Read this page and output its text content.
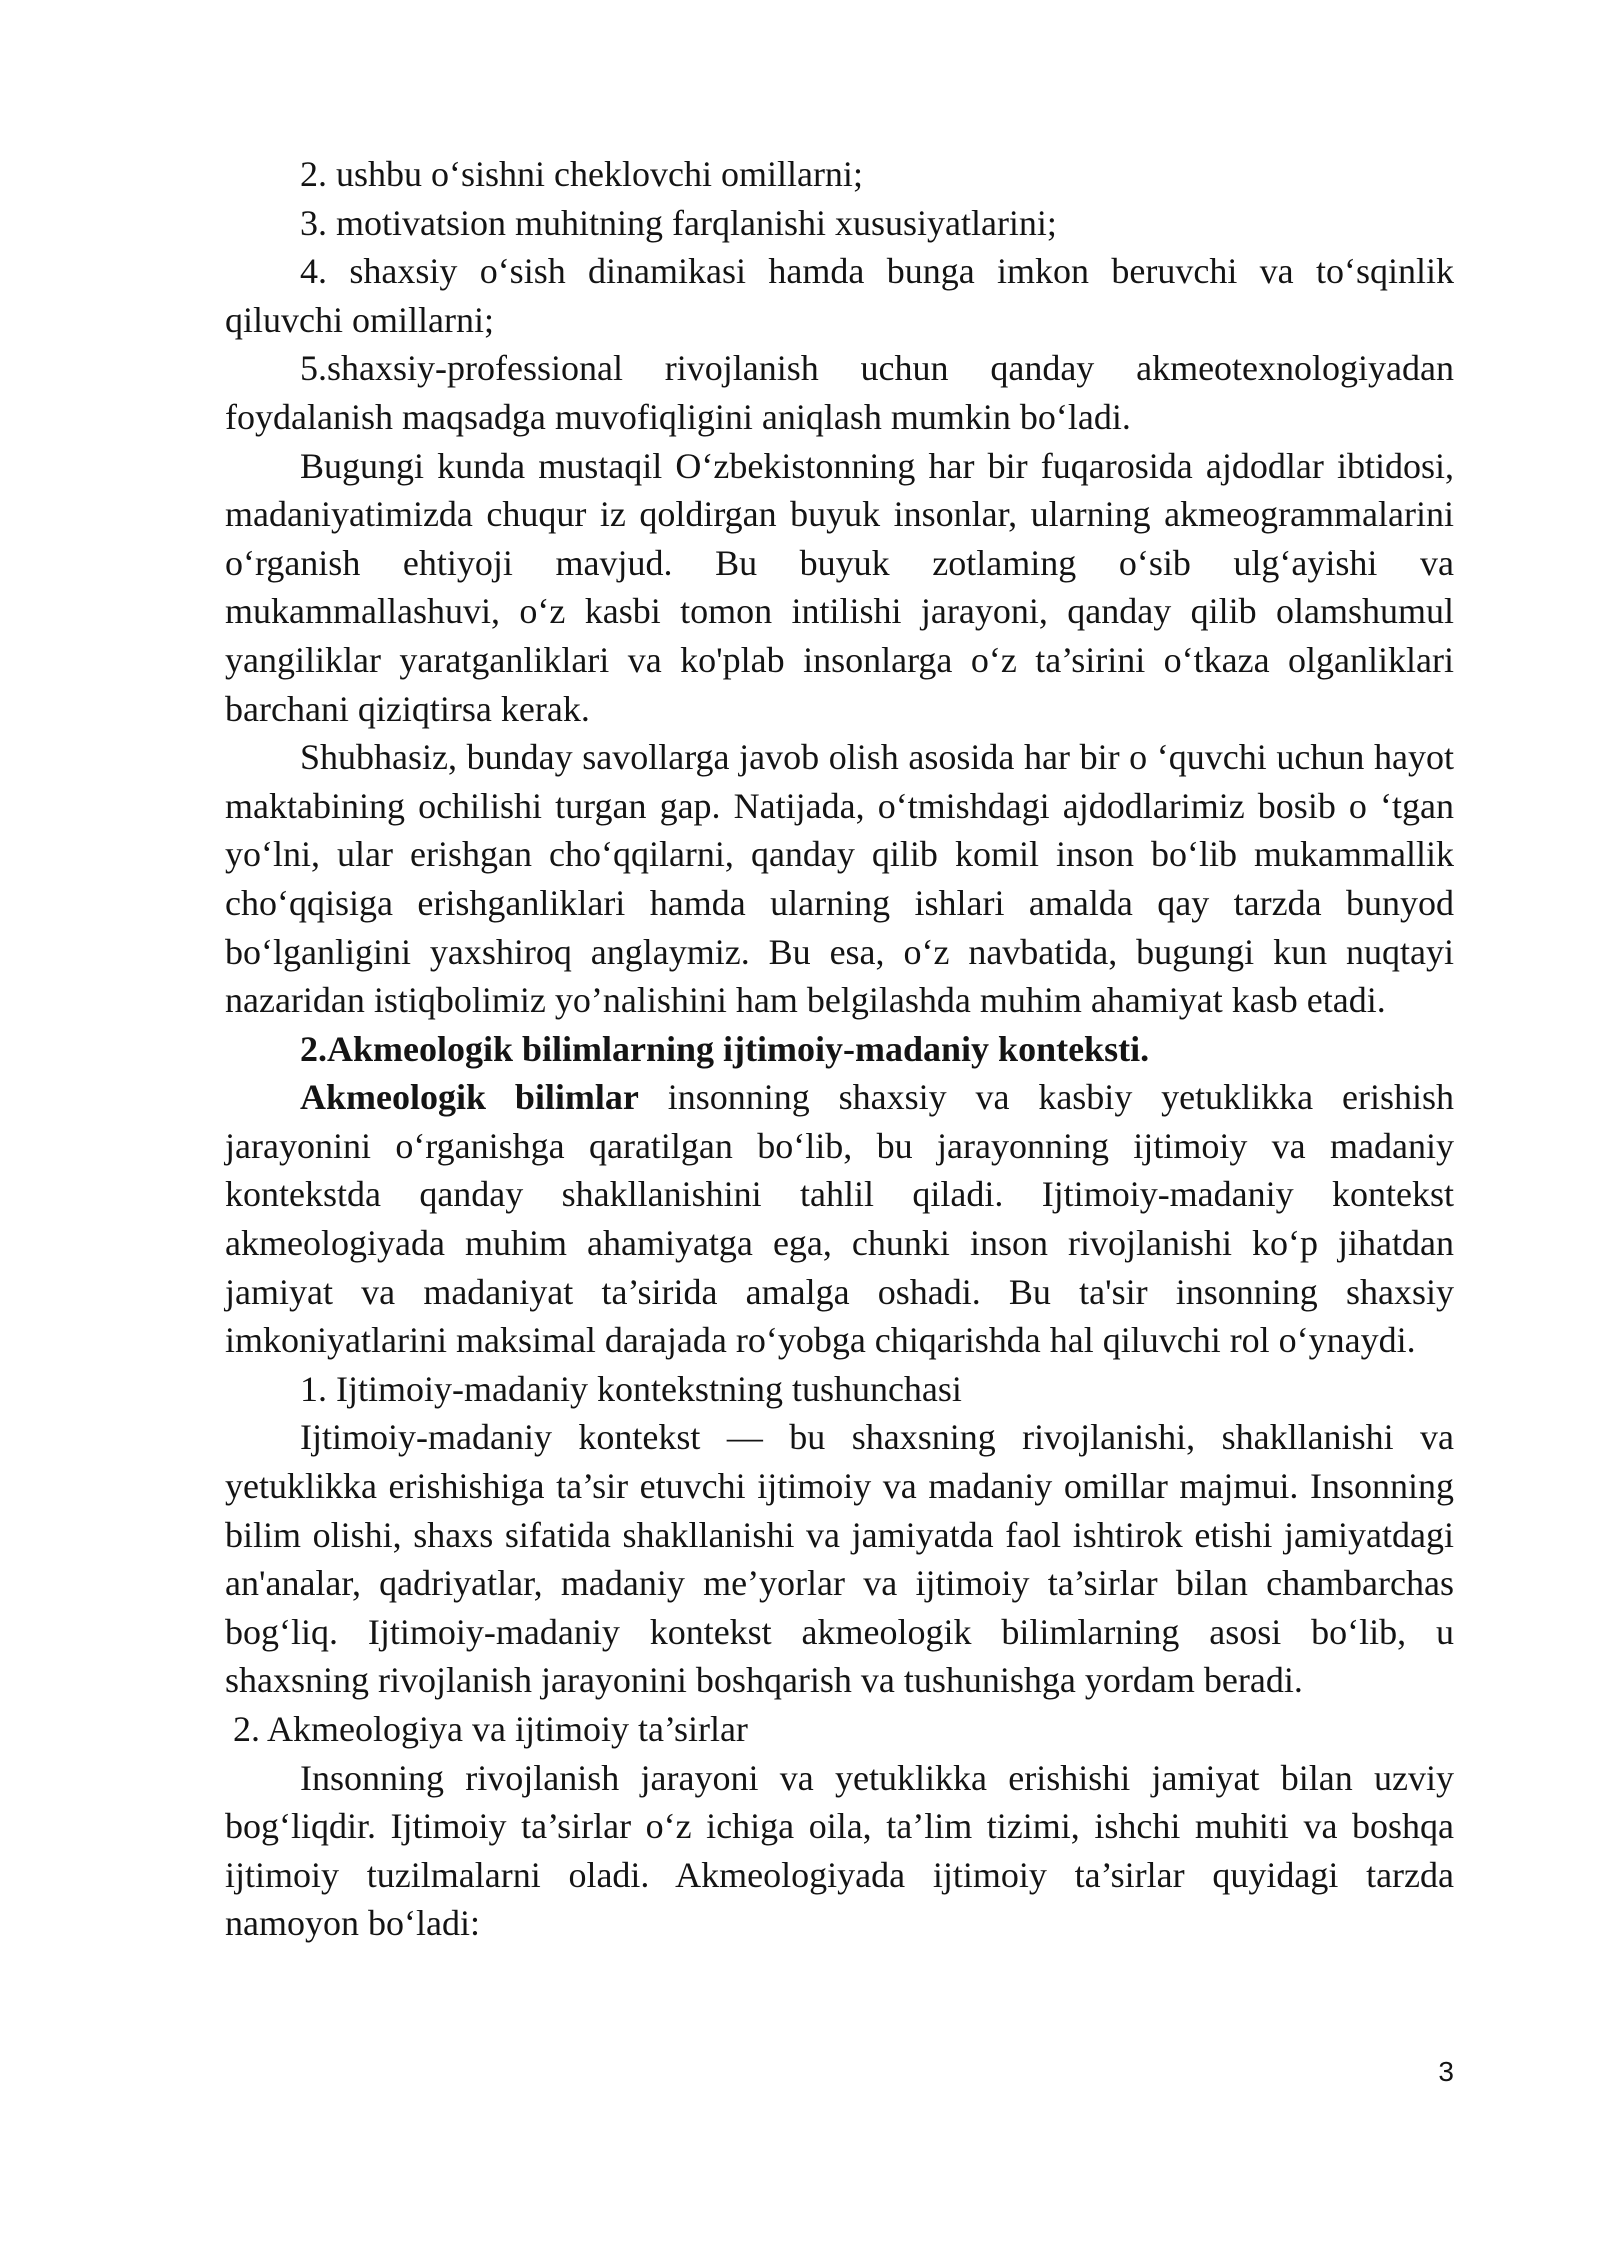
2. ushbu o‘sishni cheklovchi omillarni;

3. motivatsion muhitning farqlanishi xususiyatlarini;

4. shaxsiy o‘sish dinamikasi hamda bunga imkon beruvchi va to‘sqinlik qiluvchi omillarni;

5.shaxsiy-professional rivojlanish uchun qanday akmeotexnologiyadan foydalanish maqsadga muvofiqligini aniqlash mumkin bo‘ladi.

Bugungi kunda mustaqil O‘zbekistonning har bir fuqarosida ajdodlar ibtidosi, madaniyatimizda chuqur iz qoldirgan buyuk insonlar, ularning akmeogrammalarini o‘rganish ehtiyoji mavjud. Bu buyuk zotlaming o‘sib ulg‘ayishi va mukammallashuvi, o‘z kasbi tomon intilishi jarayoni, qanday qilib olamshumul yangiliklar yaratganliklari va ko'plab insonlarga o‘z ta’sirini o‘tkaza olganliklari barchani qiziqtirsa kerak.

Shubhasiz, bunday savollarga javob olish asosida har bir o ‘quvchi uchun hayot maktabining ochilishi turgan gap. Natijada, o‘tmishdagi ajdodlarimiz bosib o ‘tgan yo‘lni, ular erishgan cho‘qqilarni, qanday qilib komil inson bo‘lib mukammallik cho‘qqisiga erishganliklari hamda ularning ishlari amalda qay tarzda bunyod bo‘lganligini yaxshiroq anglaymiz. Bu esa, o‘z navbatida, bugungi kun nuqtayi nazaridan istiqbolimiz yo’nalishini ham belgilashda muhim ahamiyat kasb etadi.

2.Akmeologik bilimlarning ijtimoiy-madaniy konteksti.

Akmeologik bilimlar insonning shaxsiy va kasbiy yetuklikka erishish jarayonini o‘rganishga qaratilgan bo‘lib, bu jarayonning ijtimoiy va madaniy kontekstda qanday shakllanishini tahlil qiladi. Ijtimoiy-madaniy kontekst akmeologiyada muhim ahamiyatga ega, chunki inson rivojlanishi ko‘p jihatdan jamiyat va madaniyat ta’sirida amalga oshadi. Bu ta'sir insonning shaxsiy imkoniyatlarini maksimal darajada ro‘yobga chiqarishda hal qiluvchi rol o‘ynaydi.

1. Ijtimoiy-madaniy kontekstning tushunchasi

Ijtimoiy-madaniy kontekst — bu shaxsning rivojlanishi, shakllanishi va yetuklikka erishishiga ta’sir etuvchi ijtimoiy va madaniy omillar majmui. Insonning bilim olishi, shaxs sifatida shakllanishi va jamiyatda faol ishtirok etishi jamiyatdagi an'analar, qadriyatlar, madaniy me’yorlar va ijtimoiy ta’sirlar bilan chambarchas bog‘liq. Ijtimoiy-madaniy kontekst akmeologik bilimlarning asosi bo‘lib, u shaxsning rivojlanish jarayonini boshqarish va tushunishga yordam beradi.

2. Akmeologiya va ijtimoiy ta’sirlar

Insonning rivojlanish jarayoni va yetuklikka erishishi jamiyat bilan uzviy bog‘liqdir. Ijtimoiy ta’sirlar o‘z ichiga oila, ta’lim tizimi, ishchi muhiti va boshqa ijtimoiy tuzilmalarni oladi. Akmeologiyada ijtimoiy ta’sirlar quyidagi tarzda namoyon bo‘ladi:

3
